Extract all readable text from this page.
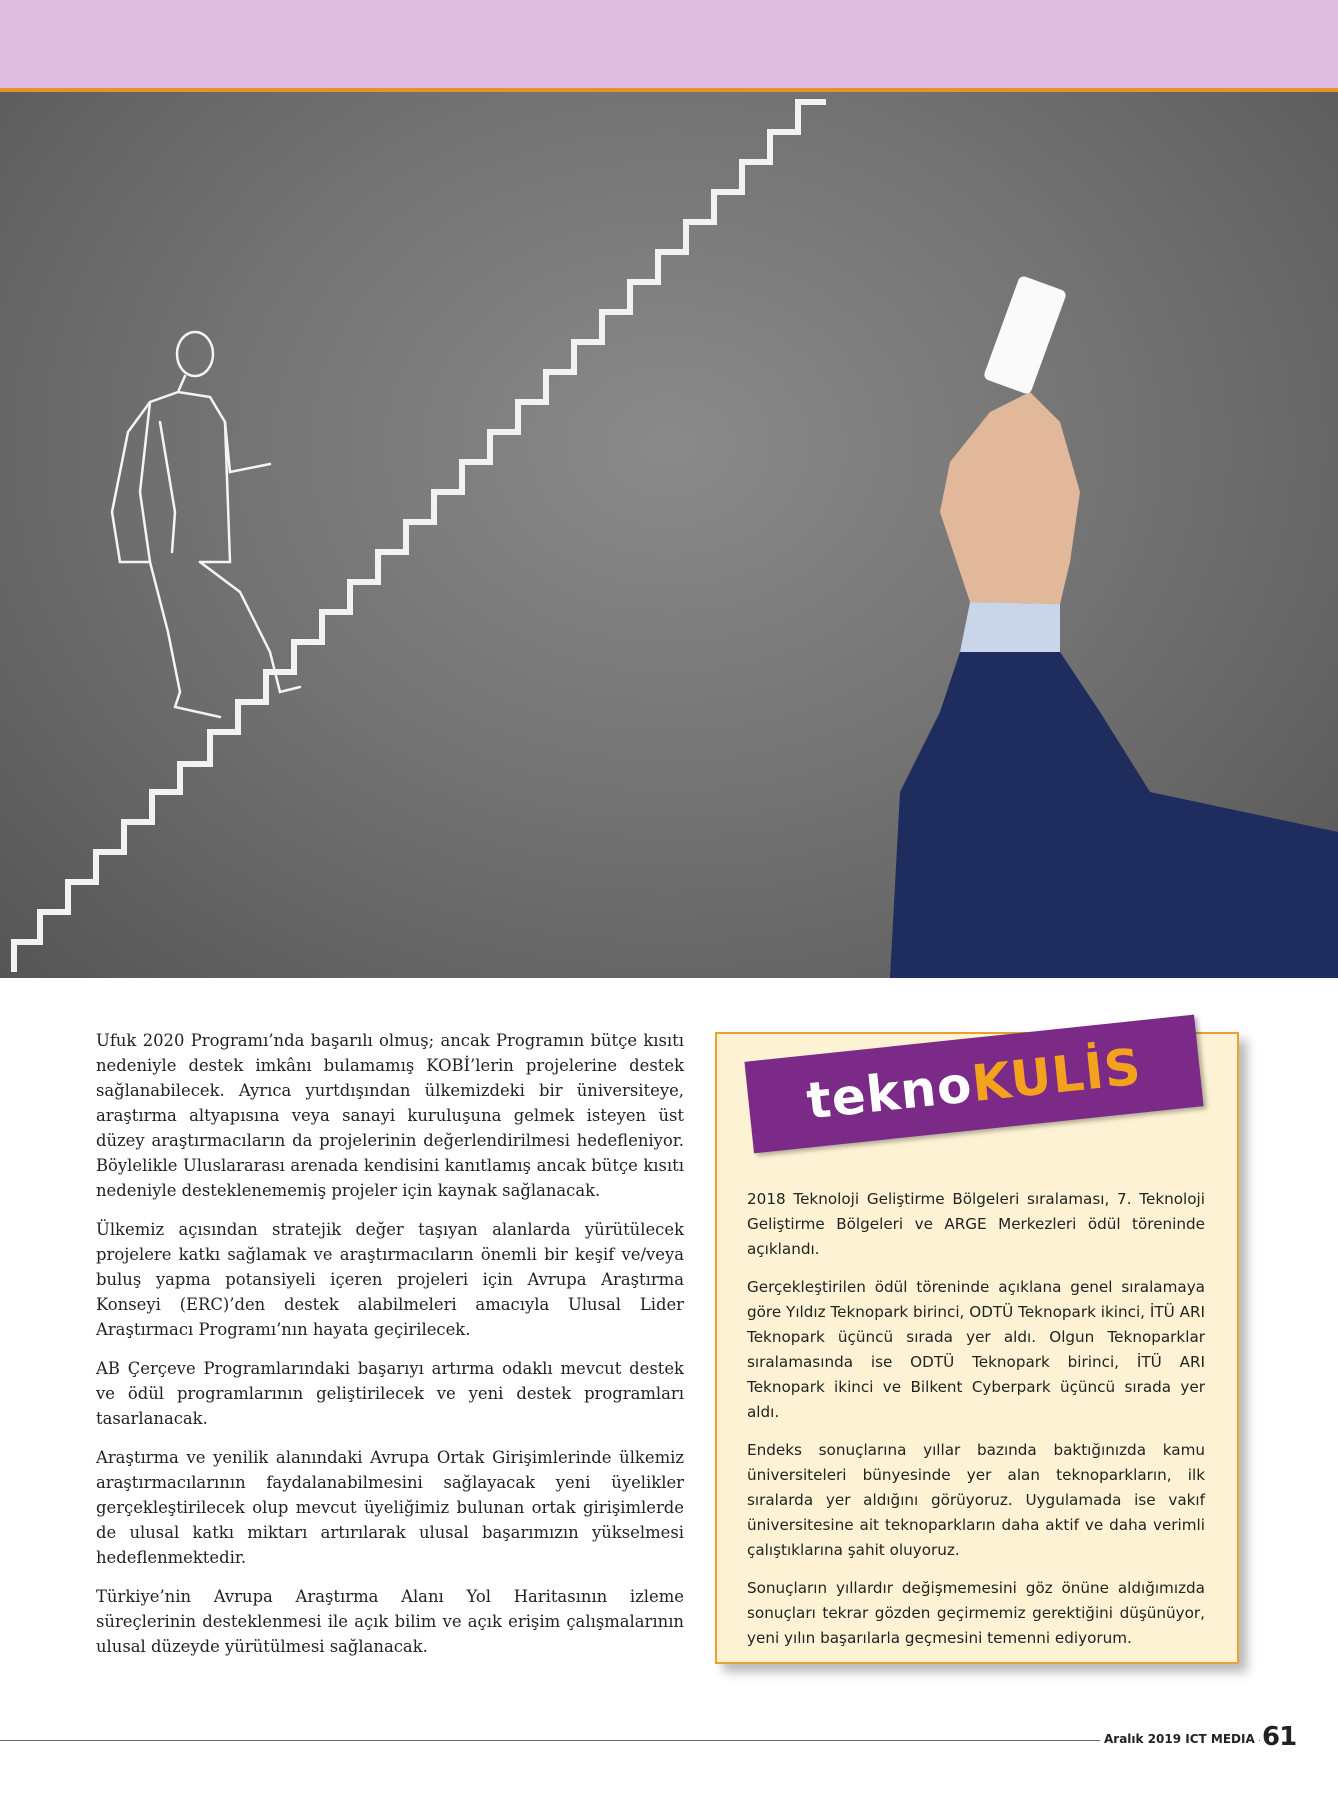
Ufuk 2020 Programı’nda başarılı olmuş; ancak Programın bütçe kısıtı nedeniyle destek imkânı bulamamış KOBİ’lerin projelerine destek sağlanabilecek. Ayrıca yurtdışından ülkemizdeki bir üniversiteye, araştırma altyapısına veya sanayi kuruluşuna gelmek isteyen üst düzey araştırmacıların da projelerinin değerlendirilmesi hedefleniyor. Böylelikle Uluslararası arenada kendisini kanıtlamış ancak bütçe kısıtı nedeniyle desteklenememiş projeler için kaynak sağlanacak.

Ülkemiz açısından stratejik değer taşıyan alanlarda yürütülecek projelere katkı sağlamak ve araştırmacıların önemli bir keşif ve/veya buluş yapma potansiyeli içeren projeleri için Avrupa Araştırma Konseyi (ERC)’den destek alabilmeleri amacıyla Ulusal Lider Araştırmacı Programı’nın hayata geçirilecek.

AB Çerçeve Programlarındaki başarıyı artırma odaklı mevcut destek ve ödül programlarının geliştirilecek ve yeni destek programları tasarlanacak.

Araştırma ve yenilik alanındaki Avrupa Ortak Girişimlerinde ülkemiz araştırmacılarının faydalanabilmesini sağlayacak yeni üyelikler gerçekleştirilecek olup mevcut üyeliğimiz bulunan ortak girişimlerde de ulusal katkı miktarı artırılarak ulusal başarımızın yükselmesi hedeflenmektedir.

Türkiye’nin Avrupa Araştırma Alanı Yol Haritasının izleme süreçlerinin desteklenmesi ile açık bilim ve açık erişim çalışmalarının ulusal düzeyde yürütülmesi sağlanacak.

2018 Teknoloji Geliştirme Bölgeleri sıralaması, 7. Teknoloji Geliştirme Bölgeleri ve ARGE Merkezleri ödül töreninde açıklandı.

Gerçekleştirilen ödül töreninde açıklana genel sıralamaya göre Yıldız Teknopark birinci, ODTÜ Teknopark ikinci, İTÜ ARI Teknopark üçüncü sırada yer aldı. Olgun Teknoparklar sıralamasında ise ODTÜ Teknopark birinci, İTÜ ARI Teknopark ikinci ve Bilkent Cyberpark üçüncü sırada yer aldı.

Endeks sonuçlarına yıllar bazında baktığınızda kamu üniversiteleri bünyesinde yer alan teknoparkların, ilk sıralarda yer aldığını görüyoruz. Uygulamada ise vakıf üniversitesine ait teknoparkların daha aktif ve daha verimli çalıştıklarına şahit oluyoruz.

Sonuçların yıllardır değişmemesini göz önüne aldığımızda sonuçları tekrar gözden geçirmemiz gerektiğini düşünüyor, yeni yılın başarılarla geçmesini temenni ediyorum.

tekno
KULİS
Aralık 2019 ICT MEDIA 61
